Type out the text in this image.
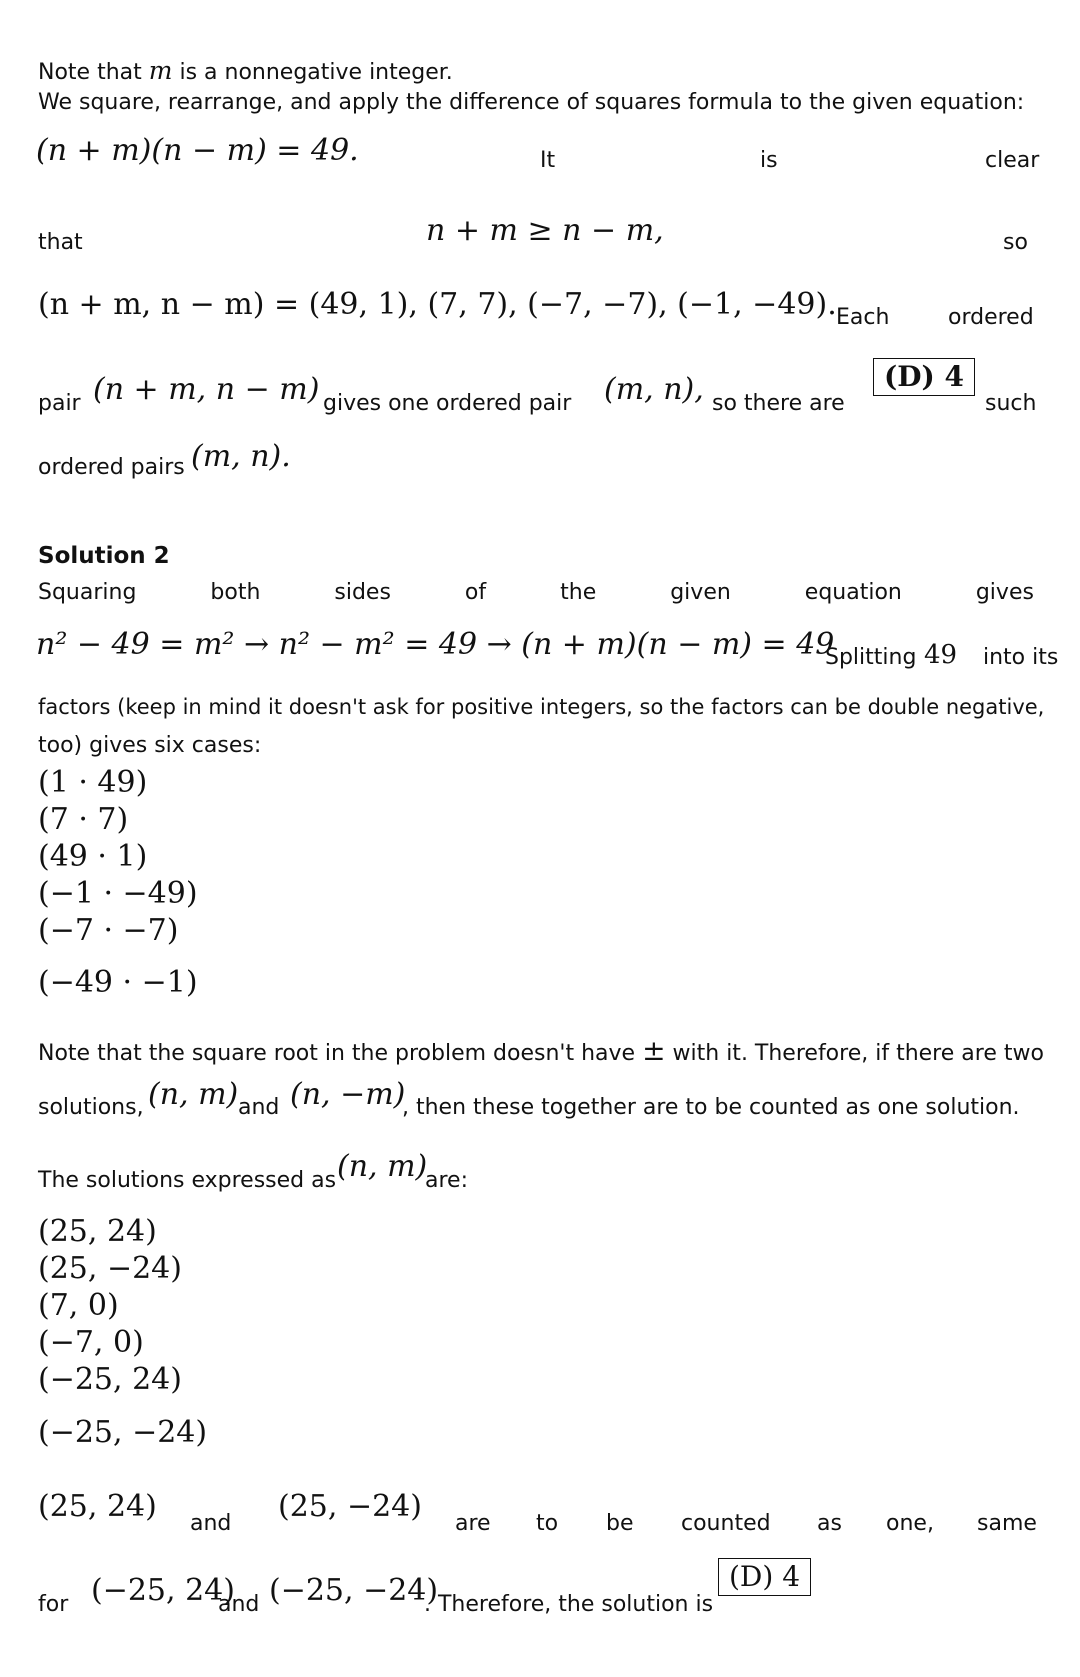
Note that m is a nonnegative integer.
We square, rearrange, and apply the difference of squares formula to the given equation:
(n + m)(n − m) = 49.	It	is	clear
that	n + m ≥ n − m,	so
(n + m, n − m) = (49, 1), (7, 7), (−7, −7), (−1, −49). Each	ordered
pair (n + m, n − m) gives one ordered pair (m, n), so there are
(D) 4
such
ordered pairs (m, n).
Solution 2
Squaring	both	sides	of	the	given	equation	gives
n² − 49 = m² → n² − m² = 49 → (n + m)(n − m) = 49
Splitting 49 into its
factors (keep in mind it doesn't ask for positive integers, so the factors can be double negative,
too) gives six cases:
(1 · 49)
(7 · 7)
(49 · 1)
(−1 · −49)
(−7 · −7)
(−49 · −1)
Note that the square root in the problem doesn't have ± with it. Therefore, if there are two
solutions, (n, m) and (n, −m)
, then these together are to be counted as one solution.
The solutions expressed as (n, m)
are:
(25, 24)
(25, −24)
(7, 0)
(−7, 0)
(−25, 24)
(−25, −24)
(25, 24) and (25, −24) are to be counted as one, same
for (−25, 24)
and (−25, −24)
. Therefore, the solution is
(D) 4
